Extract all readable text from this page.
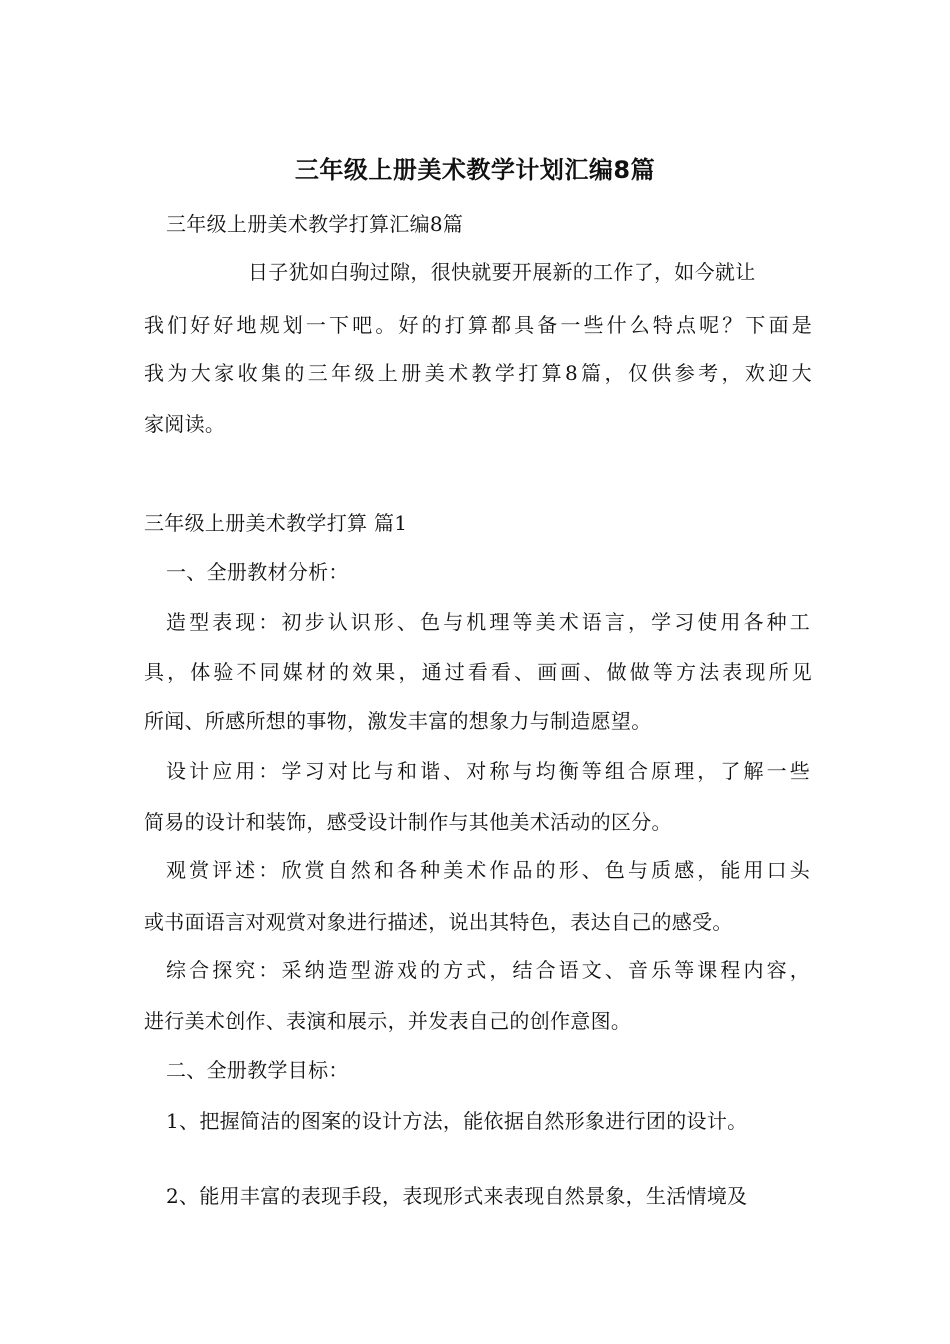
三年级上册美术教学计划汇编8篇
三年级上册美术教学打算汇编8篇
日子犹如白驹过隙，很快就要开展新的工作了，如今就让
我们好好地规划一下吧。好的打算都具备一些什么特点呢？下面是
我为大家收集的三年级上册美术教学打算8篇，仅供参考，欢迎大
家阅读。
三年级上册美术教学打算 篇1
一、全册教材分析：
造型表现：初步认识形、色与机理等美术语言，学习使用各种工
具，体验不同媒材的效果，通过看看、画画、做做等方法表现所见
所闻、所感所想的事物，激发丰富的想象力与制造愿望。
设计应用：学习对比与和谐、对称与均衡等组合原理，了解一些
简易的设计和装饰，感受设计制作与其他美术活动的区分。
观赏评述：欣赏自然和各种美术作品的形、色与质感，能用口头
或书面语言对观赏对象进行描述，说出其特色，表达自己的感受。
综合探究：采纳造型游戏的方式，结合语文、音乐等课程内容，
进行美术创作、表演和展示，并发表自己的创作意图。
二、全册教学目标：
1、把握简洁的图案的设计方法，能依据自然形象进行团的设计。
2、能用丰富的表现手段，表现形式来表现自然景象，生活情境及
